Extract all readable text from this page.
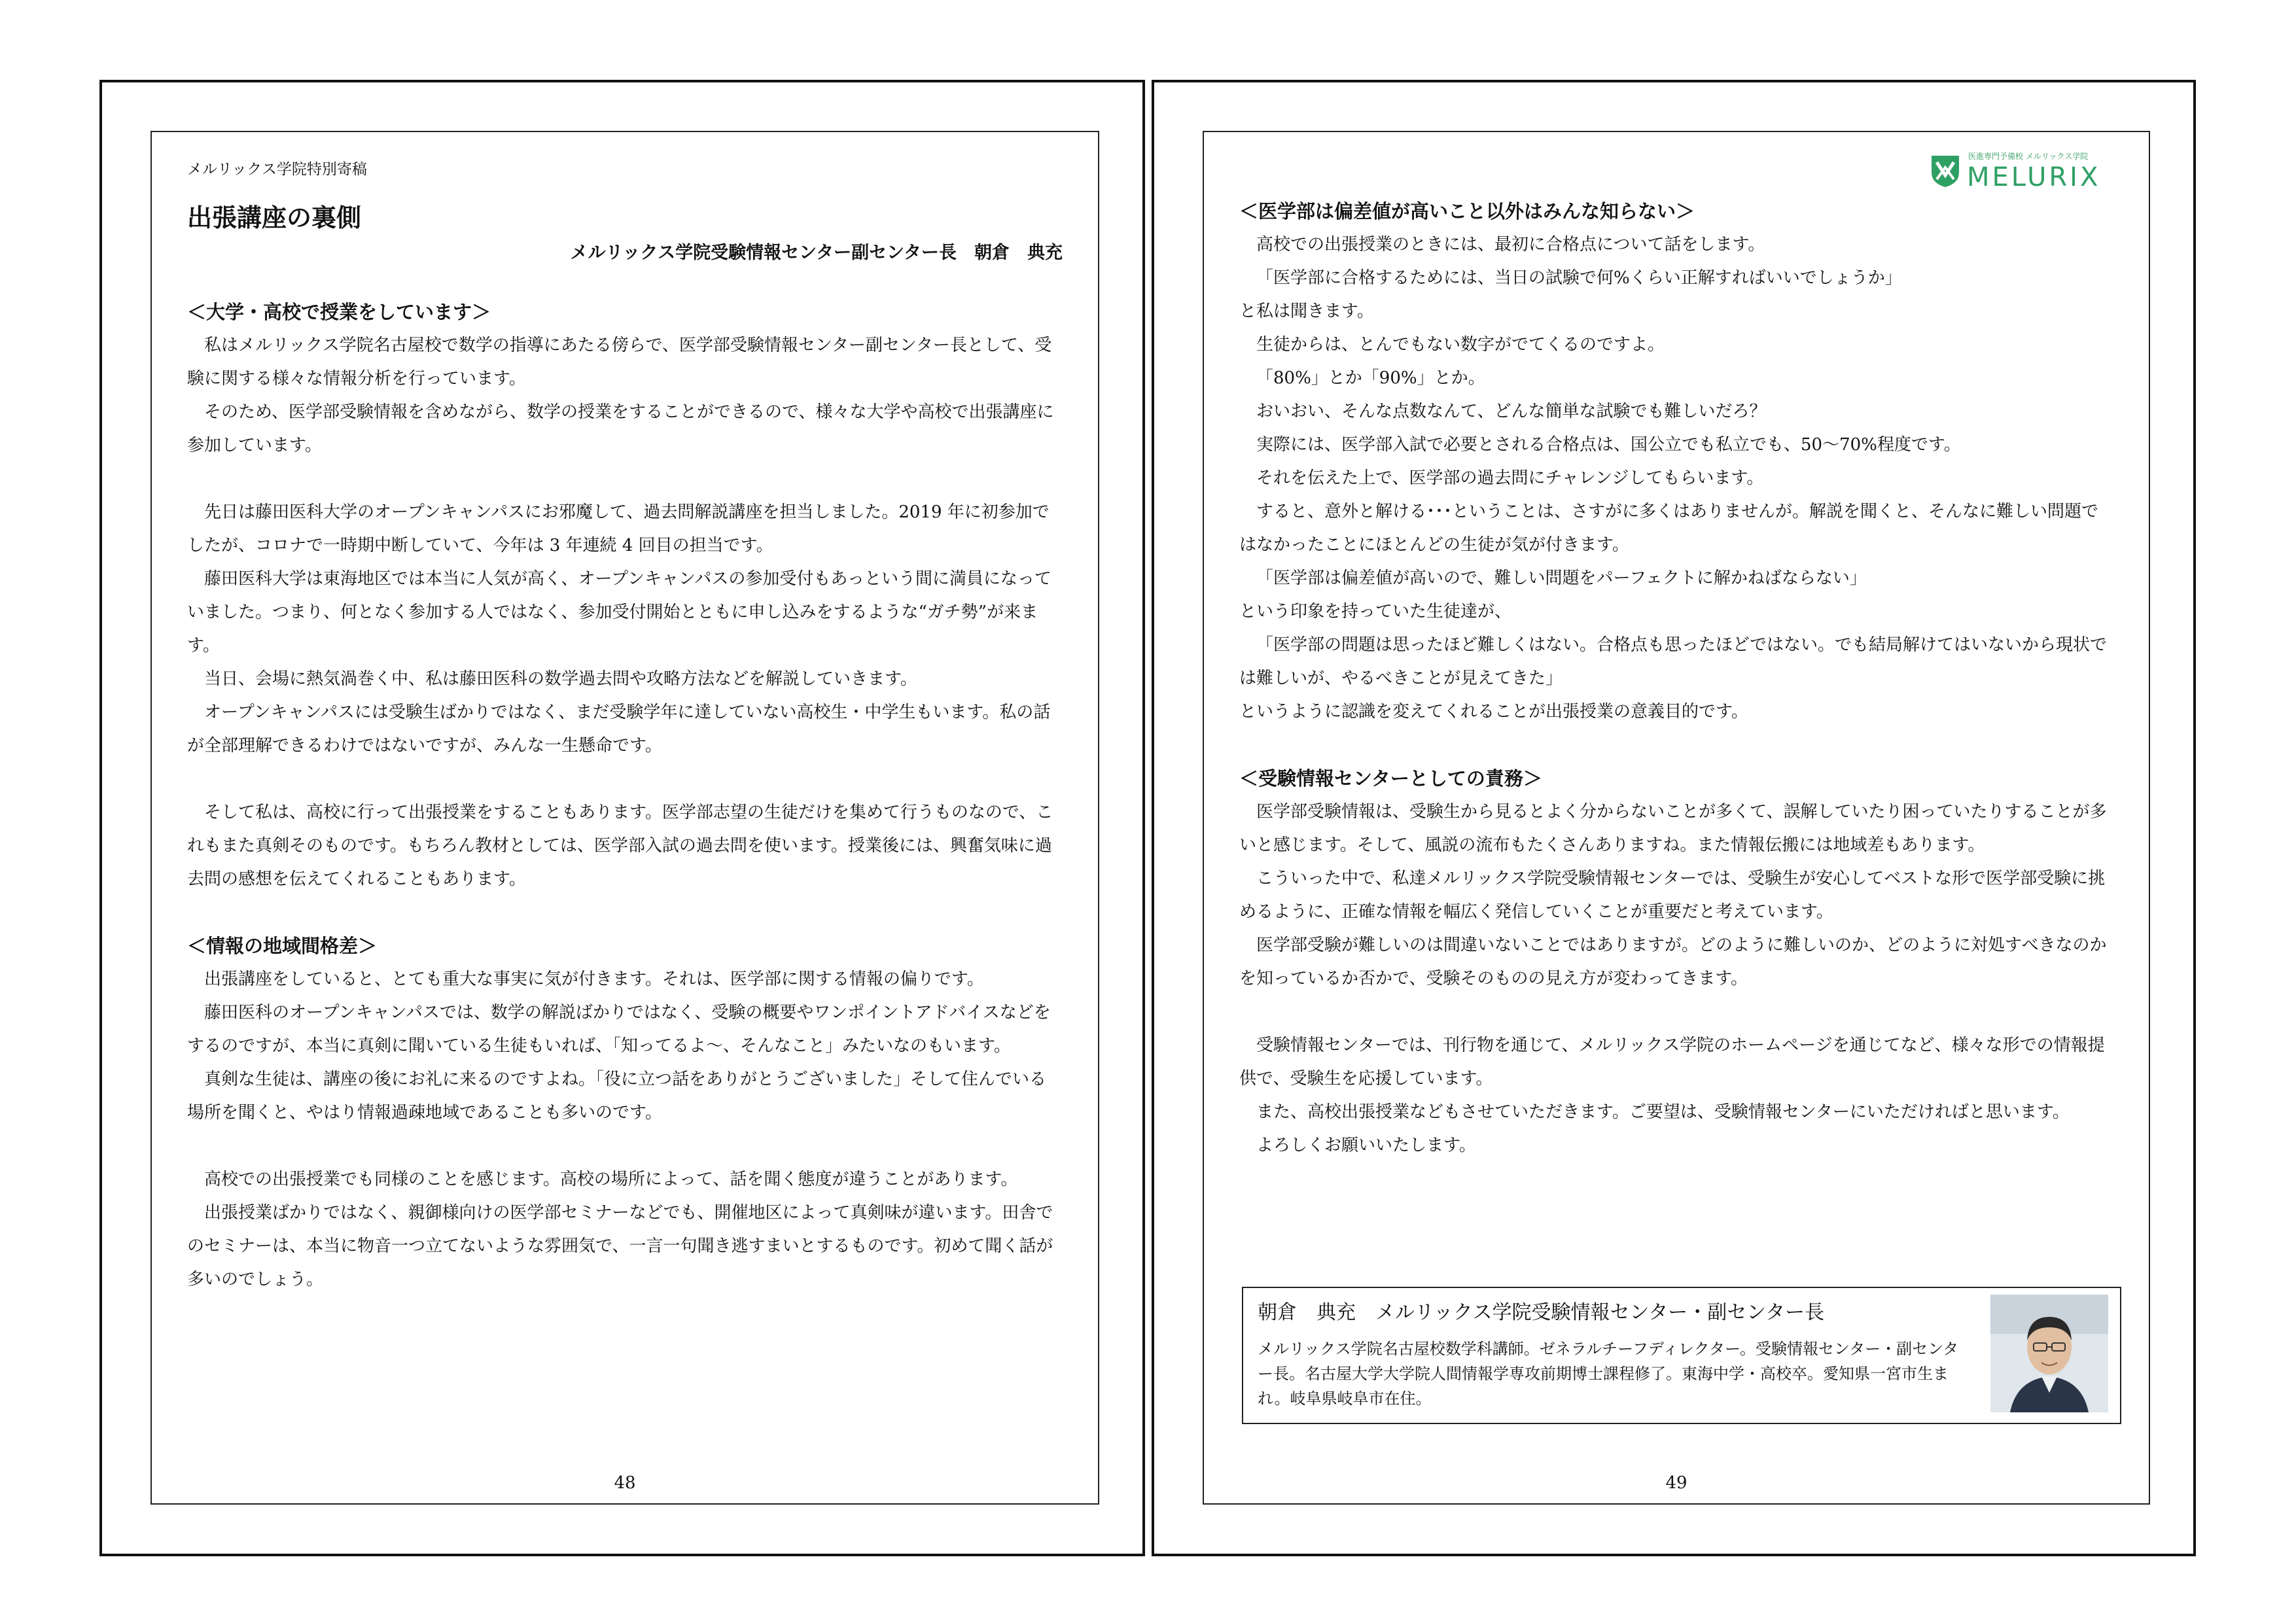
メルリックス学院特別寄稿
出張講座の裏側
メルリックス学院受験情報センター副センター長　朝倉　典充
＜大学・高校で授業をしています＞

私はメルリックス学院名古屋校で数学の指導にあたる傍らで、医学部受験情報センター副センター長として、受験に関する様々な情報分析を行っています。

そのため、医学部受験情報を含めながら、数学の授業をすることができるので、様々な大学や高校で出張講座に参加しています。

先日は藤田医科大学のオープンキャンパスにお邪魔して、過去問解説講座を担当しました。2019 年に初参加でしたが、コロナで一時期中断していて、今年は 3 年連続 4 回目の担当です。

藤田医科大学は東海地区では本当に人気が高く、オープンキャンパスの参加受付もあっという間に満員になっていました。つまり、何となく参加する人ではなく、参加受付開始とともに申し込みをするような“ガチ勢”が来ます。

当日、会場に熱気渦巻く中、私は藤田医科の数学過去問や攻略方法などを解説していきます。

オープンキャンパスには受験生ばかりではなく、まだ受験学年に達していない高校生・中学生もいます。私の話が全部理解できるわけではないですが、みんな一生懸命です。

そして私は、高校に行って出張授業をすることもあります。医学部志望の生徒だけを集めて行うものなので、これもまた真剣そのものです。もちろん教材としては、医学部入試の過去問を使います。授業後には、興奮気味に過去問の感想を伝えてくれることもあります。

＜情報の地域間格差＞

出張講座をしていると、とても重大な事実に気が付きます。それは、医学部に関する情報の偏りです。

藤田医科のオープンキャンパスでは、数学の解説ばかりではなく、受験の概要やワンポイントアドバイスなどをするのですが、本当に真剣に聞いている生徒もいれば、「知ってるよ～、そんなこと」みたいなのもいます。

真剣な生徒は、講座の後にお礼に来るのですよね。「役に立つ話をありがとうございました」そして住んでいる場所を聞くと、やはり情報過疎地域であることも多いのです。

高校での出張授業でも同様のことを感じます。高校の場所によって、話を聞く態度が違うことがあります。

出張授業ばかりではなく、親御様向けの医学部セミナーなどでも、開催地区によって真剣味が違います。田舎でのセミナーは、本当に物音一つ立てないような雰囲気で、一言一句聞き逃すまいとするものです。初めて聞く話が多いのでしょう。

48
医進専門予備校 メルリックス学院
MELURIX
＜医学部は偏差値が高いこと以外はみんな知らない＞

高校での出張授業のときには、最初に合格点について話をします。

「医学部に合格するためには、当日の試験で何%くらい正解すればいいでしょうか」

と私は聞きます。

生徒からは、とんでもない数字がでてくるのですよ。

「80%」とか「90%」とか。

おいおい、そんな点数なんて、どんな簡単な試験でも難しいだろ？

実際には、医学部入試で必要とされる合格点は、国公立でも私立でも、50～70%程度です。

それを伝えた上で、医学部の過去問にチャレンジしてもらいます。

すると、意外と解ける･･･ということは、さすがに多くはありませんが。解説を聞くと、そんなに難しい問題ではなかったことにほとんどの生徒が気が付きます。

「医学部は偏差値が高いので、難しい問題をパーフェクトに解かねばならない」

という印象を持っていた生徒達が、

「医学部の問題は思ったほど難しくはない。合格点も思ったほどではない。でも結局解けてはいないから現状では難しいが、やるべきことが見えてきた」

というように認識を変えてくれることが出張授業の意義目的です。

＜受験情報センターとしての責務＞

医学部受験情報は、受験生から見るとよく分からないことが多くて、誤解していたり困っていたりすることが多いと感じます。そして、風説の流布もたくさんありますね。また情報伝搬には地域差もあります。

こういった中で、私達メルリックス学院受験情報センターでは、受験生が安心してベストな形で医学部受験に挑めるように、正確な情報を幅広く発信していくことが重要だと考えています。

医学部受験が難しいのは間違いないことではありますが。どのように難しいのか、どのように対処すべきなのかを知っているか否かで、受験そのものの見え方が変わってきます。

受験情報センターでは、刊行物を通じて、メルリックス学院のホームページを通じてなど、様々な形での情報提供で、受験生を応援しています。

また、高校出張授業などもさせていただきます。ご要望は、受験情報センターにいただければと思います。

よろしくお願いいたします。

朝倉　典充　メルリックス学院受験情報センター・副センター長
メルリックス学院名古屋校数学科講師。ゼネラルチーフディレクター。受験情報センター・副センター長。名古屋大学大学院人間情報学専攻前期博士課程修了。東海中学・高校卒。愛知県一宮市生まれ。岐阜県岐阜市在住。
49
